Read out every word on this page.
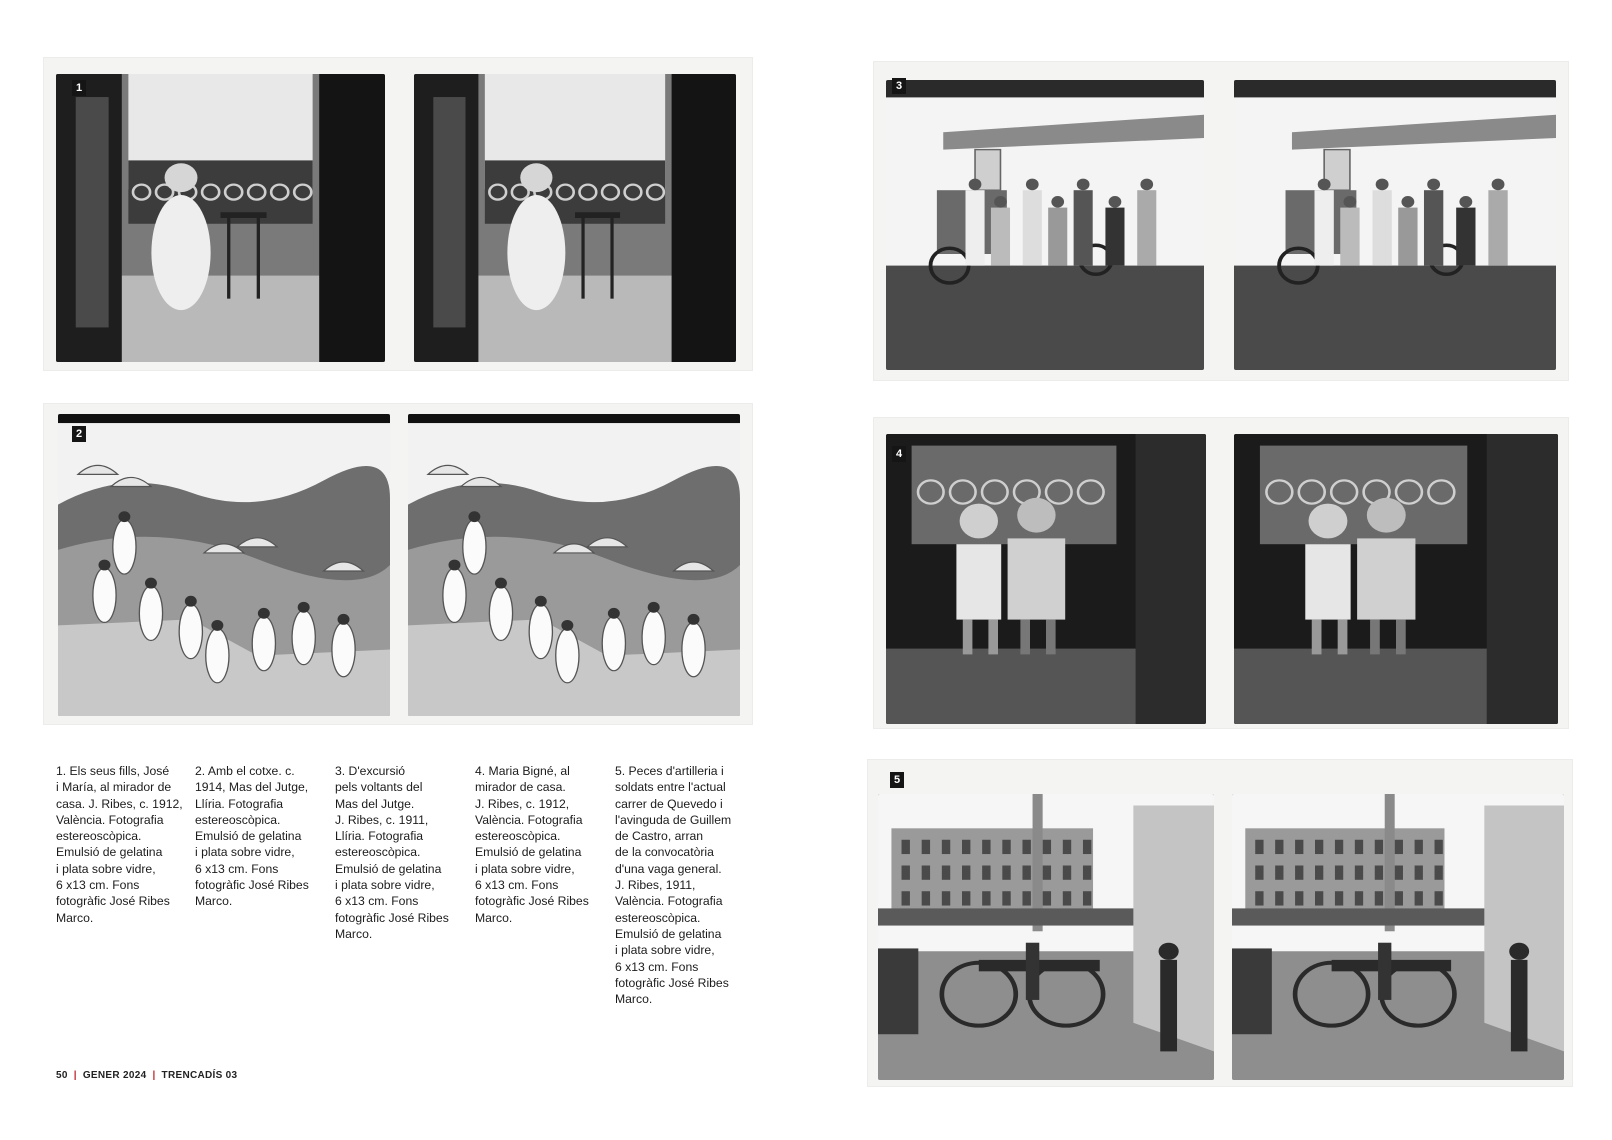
1
2
1. Els seus fills, José
i María, al mirador de
casa. J. Ribes, c. 1912,
València. Fotografia
estereoscòpica.
Emulsió de gelatina
i plata sobre vidre,
6 x13 cm. Fons
fotogràfic José Ribes
Marco.
2. Amb el cotxe. c.
1914, Mas del Jutge,
Llíria. Fotografia
estereoscòpica.
Emulsió de gelatina
i plata sobre vidre,
6 x13 cm. Fons
fotogràfic José Ribes
Marco.
3. D'excursió
pels voltants del
Mas del Jutge.
J. Ribes, c. 1911,
Llíria. Fotografia
estereoscòpica.
Emulsió de gelatina
i plata sobre vidre,
6 x13 cm. Fons
fotogràfic José Ribes
Marco.
4. Maria Bigné, al
mirador de casa.
J. Ribes, c. 1912,
València. Fotografia
estereoscòpica.
Emulsió de gelatina
i plata sobre vidre,
6 x13 cm. Fons
fotogràfic José Ribes
Marco.
5. Peces d'artilleria i
soldats entre l'actual
carrer de Quevedo i
l'avinguda de Guillem
de Castro, arran
de la convocatòria
d'una vaga general.
J. Ribes, 1911,
València. Fotografia
estereoscòpica.
Emulsió de gelatina
i plata sobre vidre,
6 x13 cm. Fons
fotogràfic José Ribes
Marco.
50 | GENER 2024 | TRENCADÍS 03
3
4
5
